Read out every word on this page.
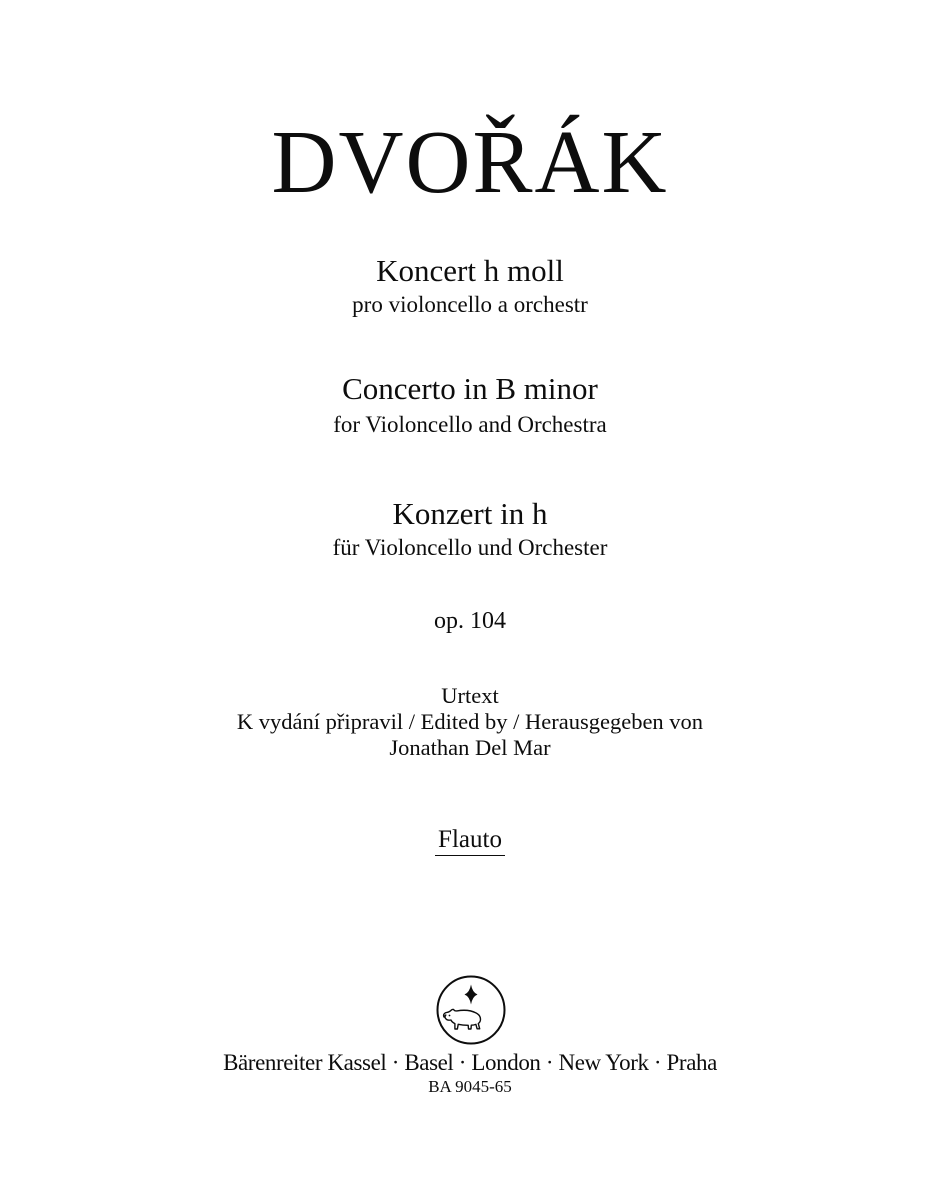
DVOŘÁK
Koncert h moll
pro violoncello a orchestr
Concerto in B minor
for Violoncello and Orchestra
Konzert in h
für Violoncello und Orchester
op. 104
Urtext
K vydání připravil / Edited by / Herausgegeben von
Jonathan Del Mar
Flauto
Bärenreiter Kassel · Basel · London · New York · Praha
BA 9045-65
